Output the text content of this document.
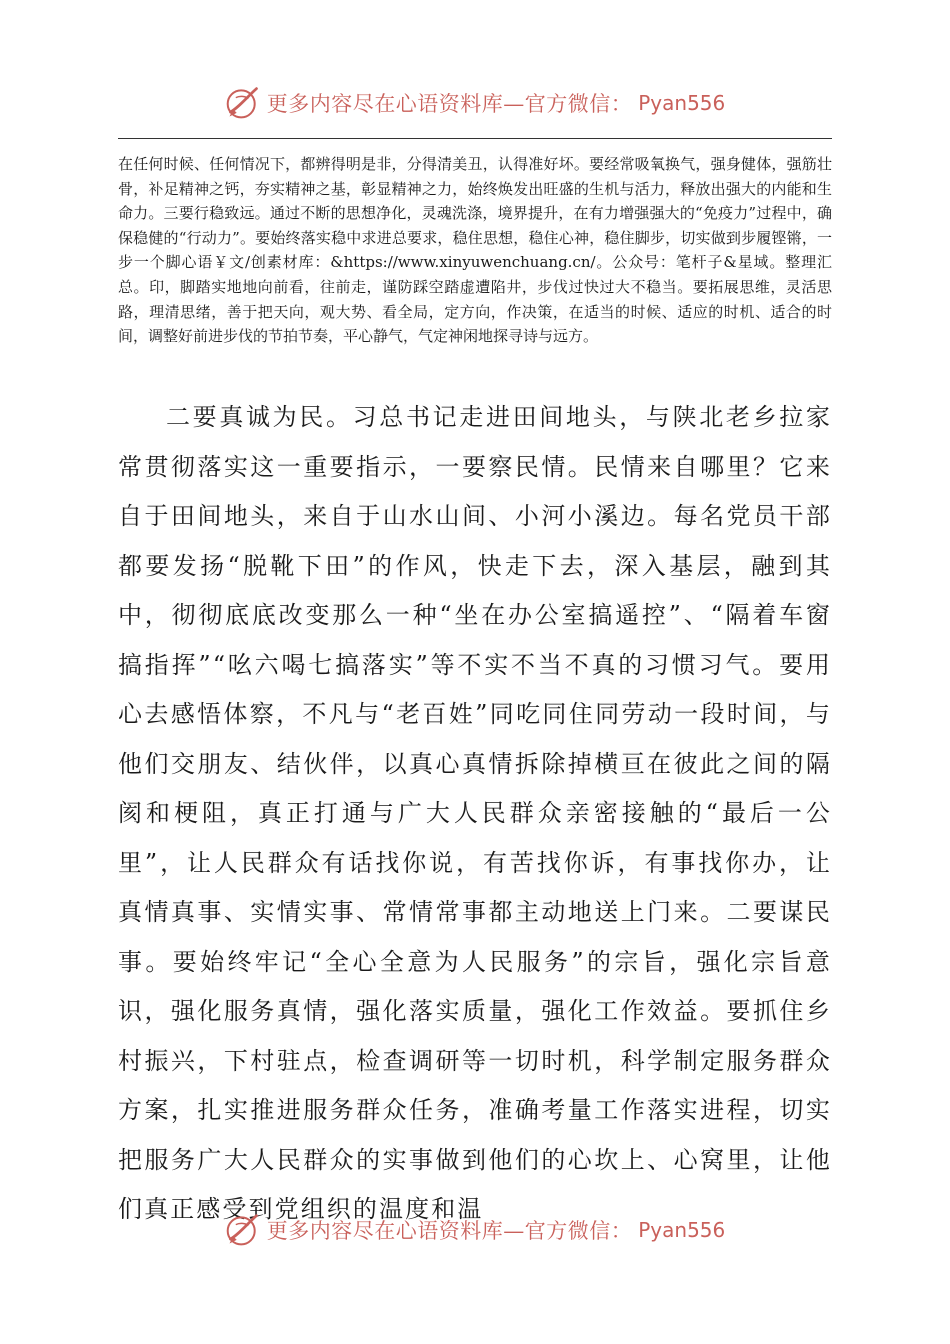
更多内容尽在心语资料库—官方微信： Pyan556

在任何时候、任何情况下，都辨得明是非，分得清美丑，认得准好坏。要经常吸氧换气，强身健体，强筋壮骨，补足精神之钙，夯实精神之基，彰显精神之力，始终焕发出旺盛的生机与活力，释放出强大的内能和生命力。三要行稳致远。通过不断的思想净化，灵魂洗涤，境界提升，在有力增强强大的“免疫力”过程中，确保稳健的“行动力”。要始终落实稳中求进总要求，稳住思想，稳住心神，稳住脚步，切实做到步履铿锵，一步一个脚心语￥文/创素材库：&https://www.xinyuwenchuang.cn/。公众号：笔杆子&星域。整理汇总。印，脚踏实地地向前看，往前走，谨防踩空踏虚遭陷井，步伐过快过大不稳当。要拓展思维，灵活思路，理清思绪，善于把天向，观大势、看全局，定方向，作决策，在适当的时候、适应的时机、适合的时间，调整好前进步伐的节拍节奏，平心静气，气定神闲地探寻诗与远方。

二要真诚为民。习总书记走进田间地头，与陕北老乡拉家常贯彻落实这一重要指示，一要察民情。民情来自哪里？它来自于田间地头，来自于山水山间、小河小溪边。每名党员干部都要发扬“脱靴下田”的作风，快走下去，深入基层，融到其中，彻彻底底改变那么一种“坐在办公室搞遥控”、“隔着车窗搞指挥”“吆六喝七搞落实”等不实不当不真的习惯习气。要用心去感悟体察，不凡与“老百姓”同吃同住同劳动一段时间，与他们交朋友、结伙伴，以真心真情拆除掉横亘在彼此之间的隔阂和梗阻，真正打通与广大人民群众亲密接触的“最后一公里”，让人民群众有话找你说，有苦找你诉，有事找你办，让真情真事、实情实事、常情常事都主动地送上门来。二要谋民事。要始终牢记“全心全意为人民服务”的宗旨，强化宗旨意识，强化服务真情，强化落实质量，强化工作效益。要抓住乡村振兴，下村驻点，检查调研等一切时机，科学制定服务群众方案，扎实推进服务群众任务，准确考量工作落实进程，切实把服务广大人民群众的实事做到他们的心坎上、心窝里，让他们真正感受到党组织的温度和温

更多内容尽在心语资料库—官方微信： Pyan556
